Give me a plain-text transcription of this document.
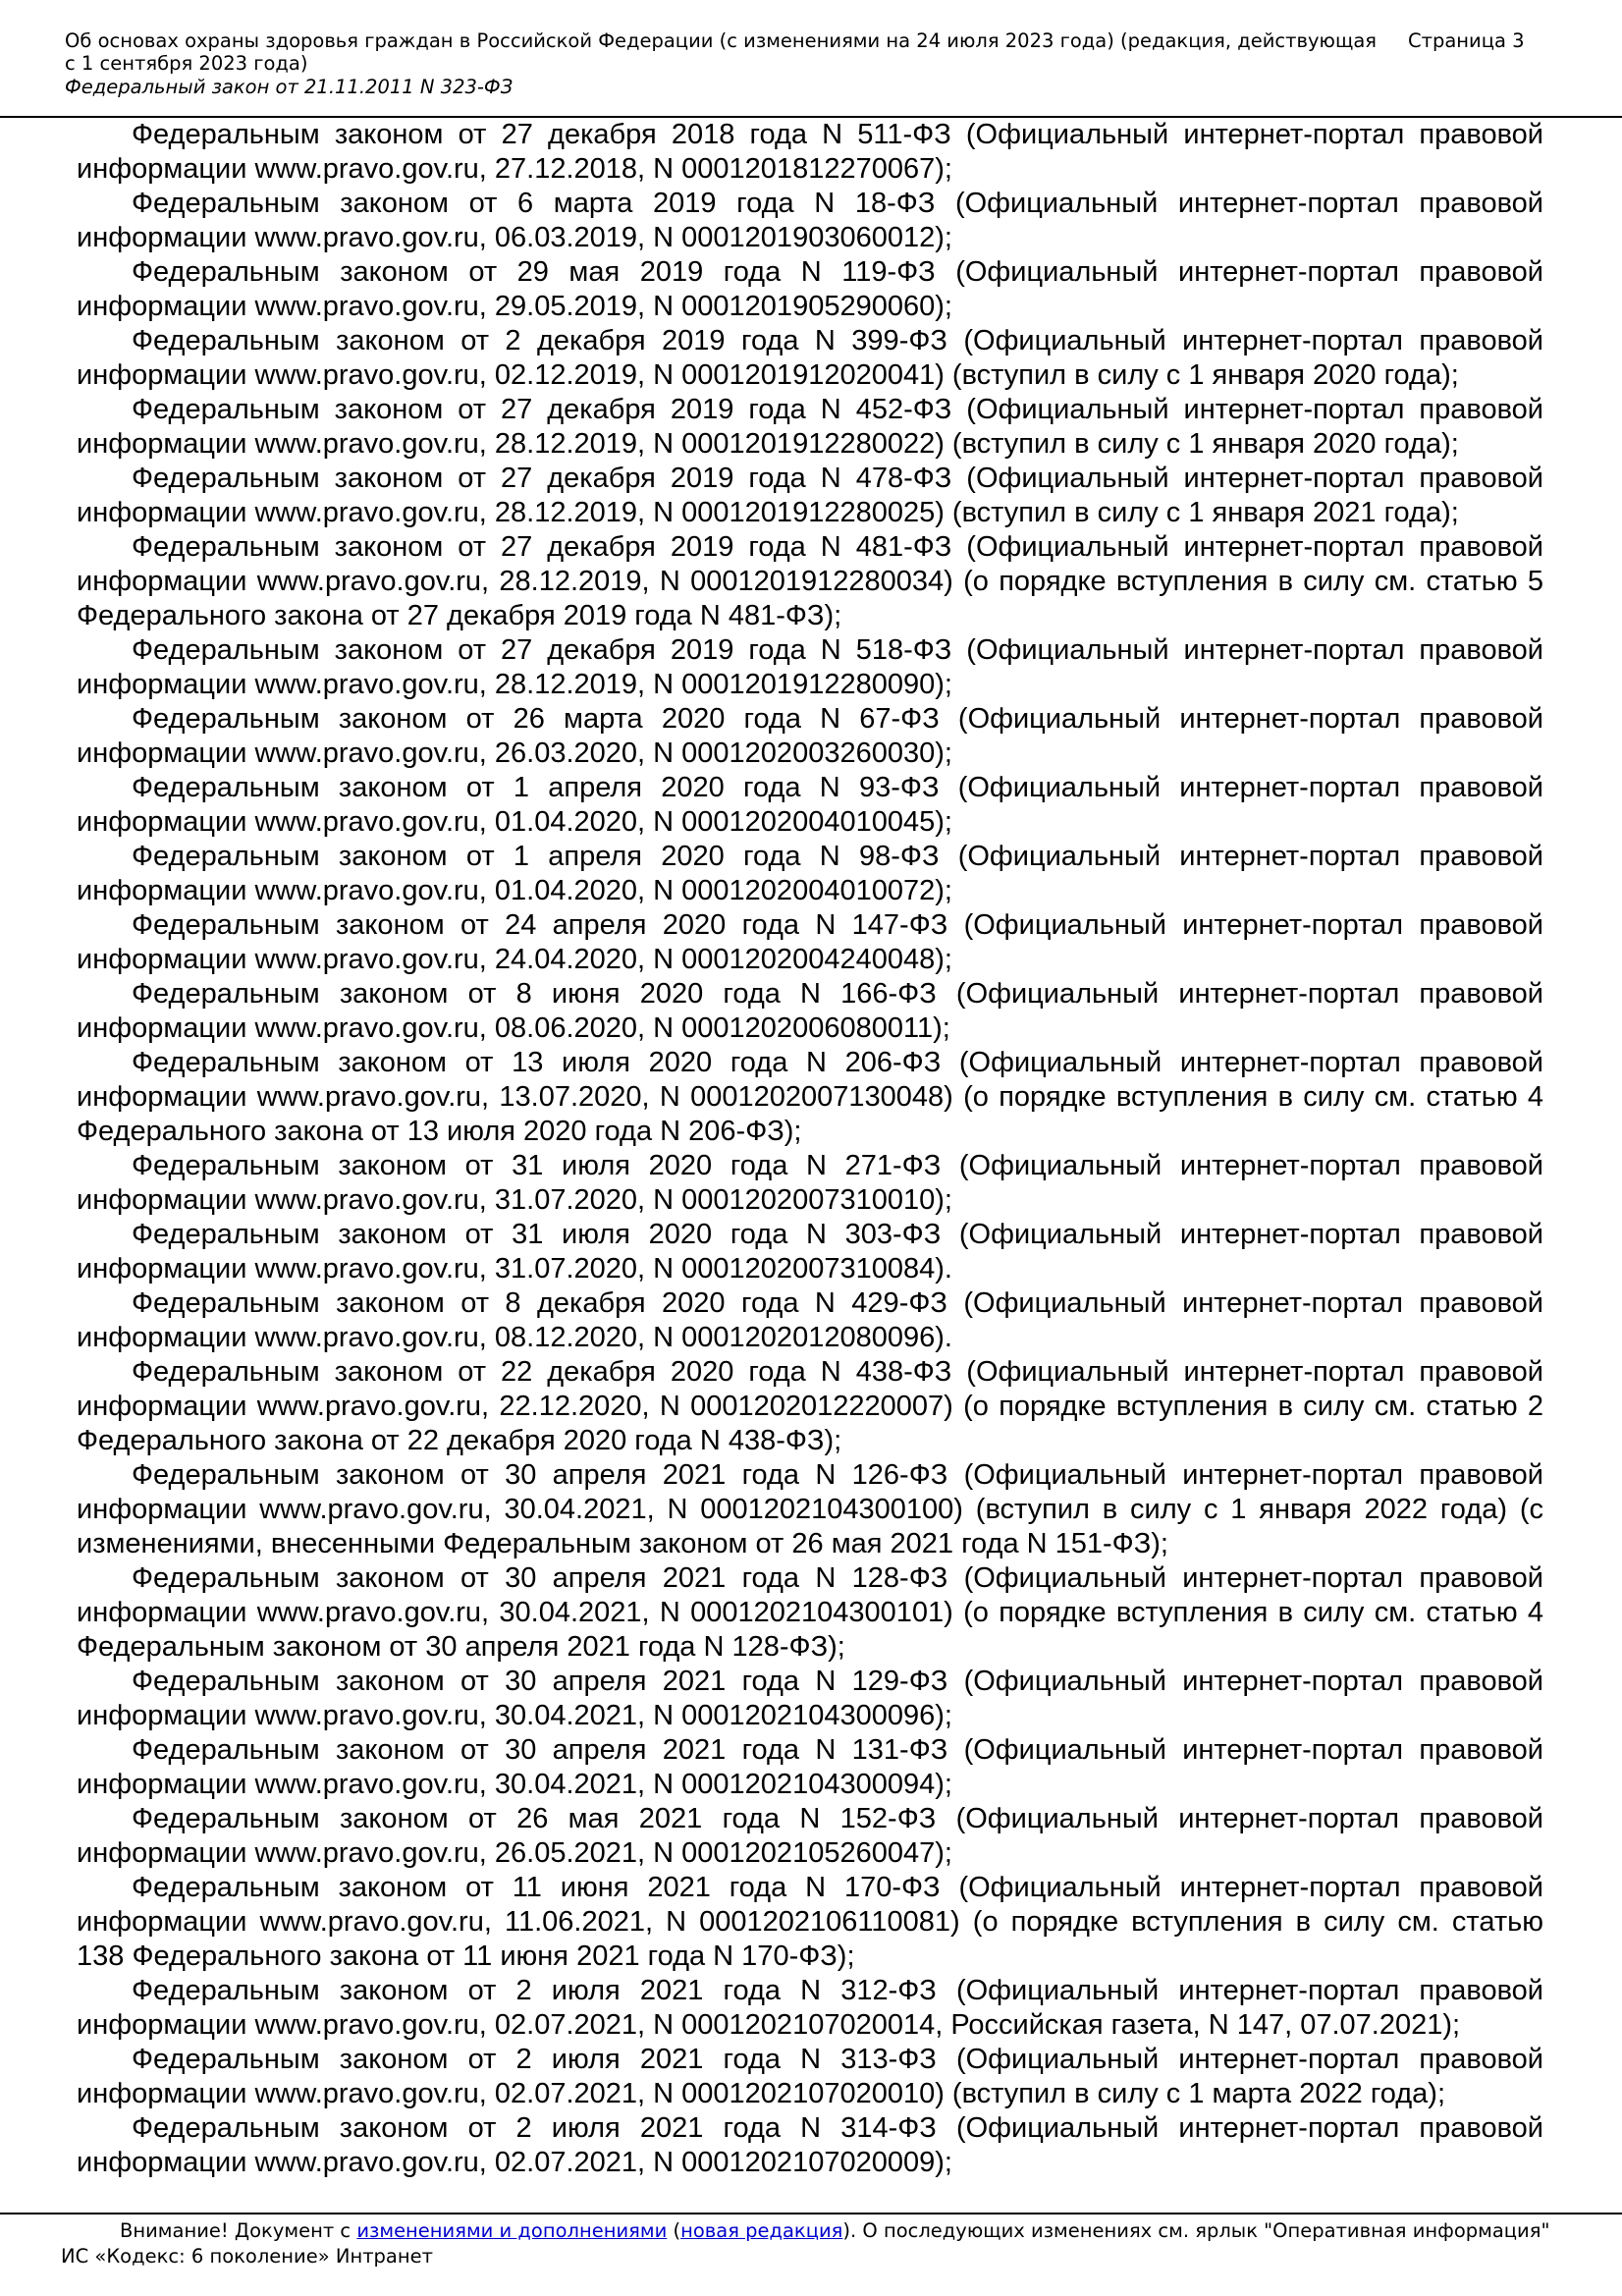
Об основах охраны здоровья граждан в Российской Федерации (с изменениями на 24 июля 2023 года) (редакция, действующая с 1 сентября 2023 года)
Страница 3
Федеральный закон от 21.11.2011 N 323-ФЗ

Федеральным законом от 27 декабря 2018 года N 511-ФЗ (Официальный интернет-портал правовой информации www.pravo.gov.ru, 27.12.2018, N 0001201812270067);

Федеральным законом от 6 марта 2019 года N 18-ФЗ (Официальный интернет-портал правовой информации www.pravo.gov.ru, 06.03.2019, N 0001201903060012);

Федеральным законом от 29 мая 2019 года N 119-ФЗ (Официальный интернет-портал правовой информации www.pravo.gov.ru, 29.05.2019, N 0001201905290060);

Федеральным законом от 2 декабря 2019 года N 399-ФЗ (Официальный интернет-портал правовой информации www.pravo.gov.ru, 02.12.2019, N 0001201912020041) (вступил в силу с 1 января 2020 года);

Федеральным законом от 27 декабря 2019 года N 452-ФЗ (Официальный интернет-портал правовой информации www.pravo.gov.ru, 28.12.2019, N 0001201912280022) (вступил в силу с 1 января 2020 года);

Федеральным законом от 27 декабря 2019 года N 478-ФЗ (Официальный интернет-портал правовой информации www.pravo.gov.ru, 28.12.2019, N 0001201912280025) (вступил в силу с 1 января 2021 года);

Федеральным законом от 27 декабря 2019 года N 481-ФЗ (Официальный интернет-портал правовой информации www.pravo.gov.ru, 28.12.2019, N 0001201912280034) (о порядке вступления в силу см. статью 5 Федерального закона от 27 декабря 2019 года N 481-ФЗ);

Федеральным законом от 27 декабря 2019 года N 518-ФЗ (Официальный интернет-портал правовой информации www.pravo.gov.ru, 28.12.2019, N 0001201912280090);

Федеральным законом от 26 марта 2020 года N 67-ФЗ (Официальный интернет-портал правовой информации www.pravo.gov.ru, 26.03.2020, N 0001202003260030);

Федеральным законом от 1 апреля 2020 года N 93-ФЗ (Официальный интернет-портал правовой информации www.pravo.gov.ru, 01.04.2020, N 0001202004010045);

Федеральным законом от 1 апреля 2020 года N 98-ФЗ (Официальный интернет-портал правовой информации www.pravo.gov.ru, 01.04.2020, N 0001202004010072);

Федеральным законом от 24 апреля 2020 года N 147-ФЗ (Официальный интернет-портал правовой информации www.pravo.gov.ru, 24.04.2020, N 0001202004240048);

Федеральным законом от 8 июня 2020 года N 166-ФЗ (Официальный интернет-портал правовой информации www.pravo.gov.ru, 08.06.2020, N 0001202006080011);

Федеральным законом от 13 июля 2020 года N 206-ФЗ (Официальный интернет-портал правовой информации www.pravo.gov.ru, 13.07.2020, N 0001202007130048) (о порядке вступления в силу см. статью 4 Федерального закона от 13 июля 2020 года N 206-ФЗ);

Федеральным законом от 31 июля 2020 года N 271-ФЗ (Официальный интернет-портал правовой информации www.pravo.gov.ru, 31.07.2020, N 0001202007310010);

Федеральным законом от 31 июля 2020 года N 303-ФЗ (Официальный интернет-портал правовой информации www.pravo.gov.ru, 31.07.2020, N 0001202007310084).

Федеральным законом от 8 декабря 2020 года N 429-ФЗ (Официальный интернет-портал правовой информации www.pravo.gov.ru, 08.12.2020, N 0001202012080096).

Федеральным законом от 22 декабря 2020 года N 438-ФЗ (Официальный интернет-портал правовой информации www.pravo.gov.ru, 22.12.2020, N 0001202012220007) (о порядке вступления в силу см. статью 2 Федерального закона от 22 декабря 2020 года N 438-ФЗ);

Федеральным законом от 30 апреля 2021 года N 126-ФЗ (Официальный интернет-портал правовой информации www.pravo.gov.ru, 30.04.2021, N 0001202104300100) (вступил в силу с 1 января 2022 года) (с изменениями, внесенными Федеральным законом от 26 мая 2021 года N 151-ФЗ);

Федеральным законом от 30 апреля 2021 года N 128-ФЗ (Официальный интернет-портал правовой информации www.pravo.gov.ru, 30.04.2021, N 0001202104300101) (о порядке вступления в силу см. статью 4 Федеральным законом от 30 апреля 2021 года N 128-ФЗ);

Федеральным законом от 30 апреля 2021 года N 129-ФЗ (Официальный интернет-портал правовой информации www.pravo.gov.ru, 30.04.2021, N 0001202104300096);

Федеральным законом от 30 апреля 2021 года N 131-ФЗ (Официальный интернет-портал правовой информации www.pravo.gov.ru, 30.04.2021, N 0001202104300094);

Федеральным законом от 26 мая 2021 года N 152-ФЗ (Официальный интернет-портал правовой информации www.pravo.gov.ru, 26.05.2021, N 0001202105260047);

Федеральным законом от 11 июня 2021 года N 170-ФЗ (Официальный интернет-портал правовой информации www.pravo.gov.ru, 11.06.2021, N 0001202106110081) (о порядке вступления в силу см. статью 138 Федерального закона от 11 июня 2021 года N 170-ФЗ);

Федеральным законом от 2 июля 2021 года N 312-ФЗ (Официальный интернет-портал правовой информации www.pravo.gov.ru, 02.07.2021, N 0001202107020014, Российская газета, N 147, 07.07.2021);

Федеральным законом от 2 июля 2021 года N 313-ФЗ (Официальный интернет-портал правовой информации www.pravo.gov.ru, 02.07.2021, N 0001202107020010) (вступил в силу с 1 марта 2022 года);

Федеральным законом от 2 июля 2021 года N 314-ФЗ (Официальный интернет-портал правовой информации www.pravo.gov.ru, 02.07.2021, N 0001202107020009);

Внимание! Документ с изменениями и дополнениями (новая редакция). О последующих изменениях см. ярлык "Оперативная информация"
ИС «Кодекс: 6 поколение» Интранет
